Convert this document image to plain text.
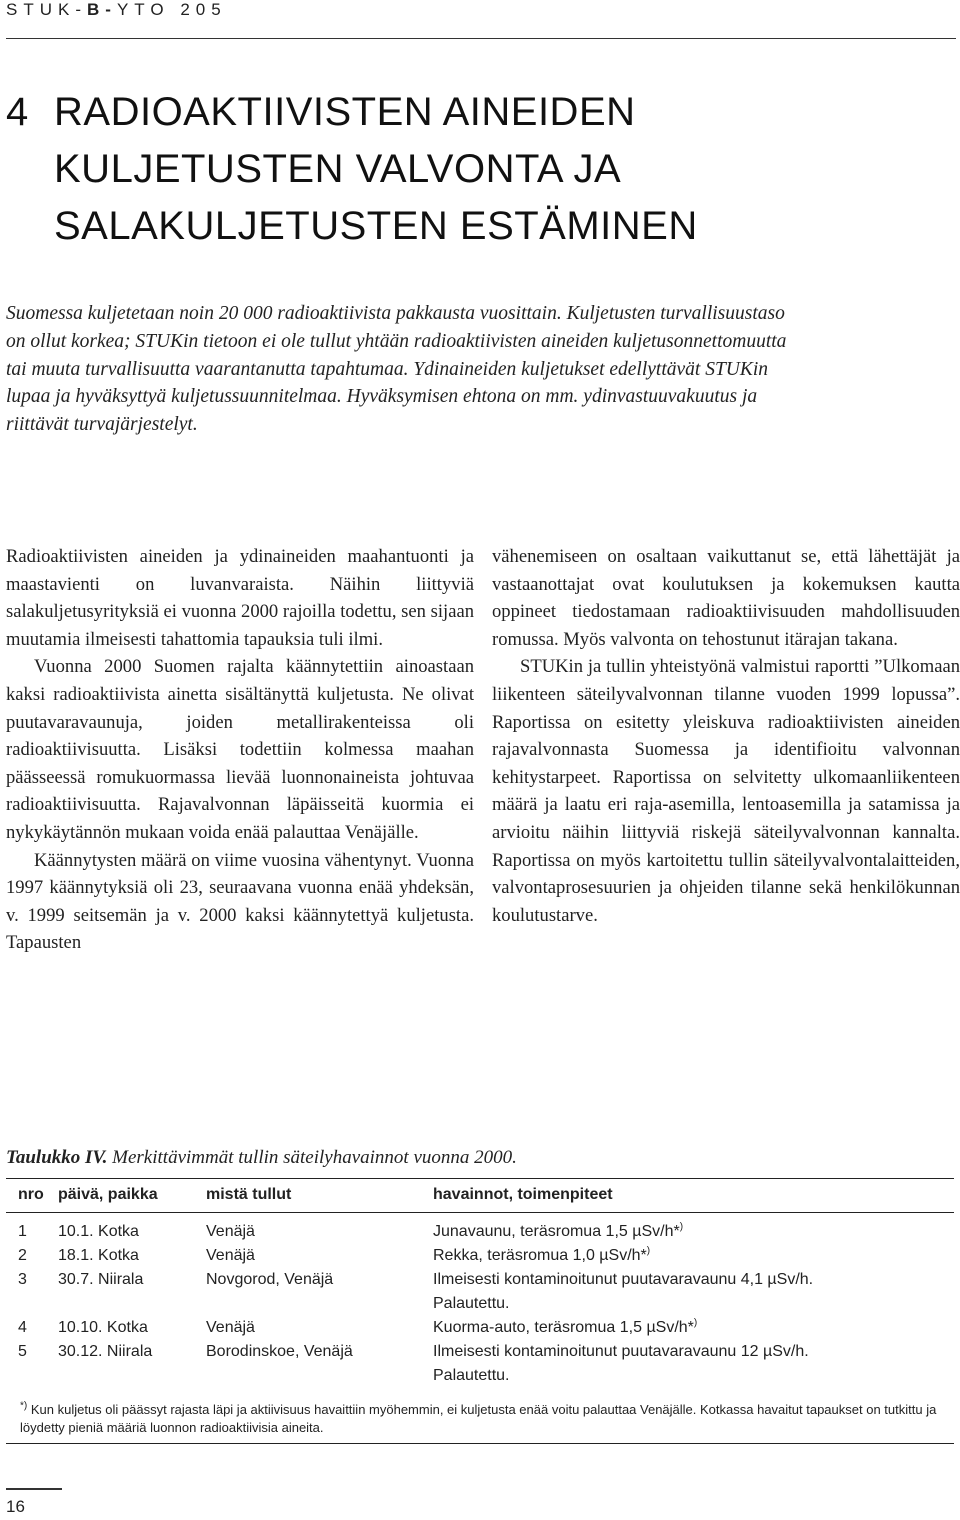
STUK-B-YTO 205
4 RADIOAKTIIVISTEN AINEIDEN
KULJETUSTEN VALVONTA JA
SALAKULJETUSTEN ESTÄMINEN

Suomessa kuljetetaan noin 20 000 radioaktiivista pakkausta vuosittain. Kuljetusten turvallisuustaso on ollut korkea; STUKin tietoon ei ole tullut yhtään radioaktiivisten aineiden kuljetusonnettomuutta tai muuta turvallisuutta vaarantanutta tapahtumaa. Ydinaineiden kuljetukset edellyttävät STUKin lupaa ja hyväksyttyä kuljetussuunnitelmaa. Hyväksymisen ehtona on mm. ydinvastuuvakuutus ja riittävät turvajärjestelyt.

Radioaktiivisten aineiden ja ydinaineiden maahantuonti ja maastavienti on luvanvaraista. Näihin liittyviä salakuljetusyrityksiä ei vuonna 2000 rajoilla todettu, sen sijaan muutamia ilmeisesti tahattomia tapauksia tuli ilmi.

Vuonna 2000 Suomen rajalta käännytettiin ainoastaan kaksi radioaktiivista ainetta sisältänyttä kuljetusta. Ne olivat puutavaravaunuja, joiden metallirakenteissa oli radioaktiivisuutta. Lisäksi todettiin kolmessa maahan päässeessä romukuormassa lievää luonnonaineista johtuvaa radioaktiivisuutta. Rajavalvonnan läpäisseitä kuormia ei nykykäytännön mukaan voida enää palauttaa Venäjälle.

Käännytysten määrä on viime vuosina vähentynyt. Vuonna 1997 käännytyksiä oli 23, seuraavana vuonna enää yhdeksän, v. 1999 seitsemän ja v. 2000 kaksi käännytettyä kuljetusta. Tapausten

vähenemiseen on osaltaan vaikuttanut se, että lähettäjät ja vastaanottajat ovat koulutuksen ja kokemuksen kautta oppineet tiedostamaan radioaktiivisuuden mahdollisuuden romussa. Myös valvonta on tehostunut itärajan takana.

STUKin ja tullin yhteistyönä valmistui raportti ”Ulkomaan liikenteen säteilyvalvonnan tilanne vuoden 1999 lopussa”. Raportissa on esitetty yleiskuva radioaktiivisten aineiden rajavalvonnasta Suomessa ja identifioitu valvonnan kehitystarpeet. Raportissa on selvitetty ulkomaanliikenteen määrä ja laatu eri raja-asemilla, lentoasemilla ja satamissa ja arvioitu näihin liittyviä riskejä säteilyvalvonnan kannalta. Raportissa on myös kartoitettu tullin säteilyvalvontalaitteiden, valvontaprosesuurien ja ohjeiden tilanne sekä henkilökunnan koulutustarve.

Taulukko IV. Merkittävimmät tullin säteilyhavainnot vuonna 2000.
nro päivä, paikka	mistä tullut	havainnot, toimenpiteet
1 10.1. Kotka	Venäjä	Junavaunu, teräsromua 1,5 µSv/h*)
2 18.1. Kotka	Venäjä	Rekka, teräsromua 1,0 µSv/h*)
3 30.7. Niirala	Novgorod, Venäjä	Ilmeisesti kontaminoitunut puutavaravaunu 4,1 µSv/h.
Palautettu.
4 10.10. Kotka	Venäjä	Kuorma-auto, teräsromua 1,5 µSv/h*)
5 30.12. Niirala	Borodinskoe, Venäjä	Ilmeisesti kontaminoitunut puutavaravaunu 12 µSv/h.
Palautettu.
*) Kun kuljetus oli päässyt rajasta läpi ja aktiivisuus havaittiin myöhemmin, ei kuljetusta enää voitu palauttaa Venäjälle. Kotkassa havaitut tapaukset on tutkittu ja löydetty pieniä määriä luonnon radioaktiivisia aineita.
16
